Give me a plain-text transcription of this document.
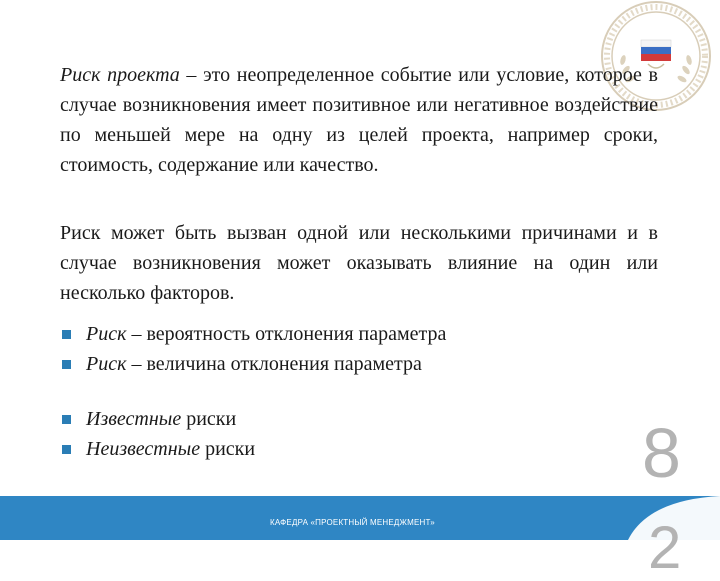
Риск проекта – это неопределенное событие или условие, которое в случае возникновения имеет позитивное или негативное воздействие по меньшей мере на одну из целей проекта, например сроки, стоимость, содержание или качество.

Риск может быть вызван одной или несколькими причинами и в случае возникновения может оказывать влияние на один или несколько факторов.

Риск – вероятность отклонения параметра
Риск – величина отклонения параметра
Известные риски
Неизвестные риски	8
2
КАФЕДРА «ПРОЕКТНЫЙ МЕНЕДЖМЕНТ»
